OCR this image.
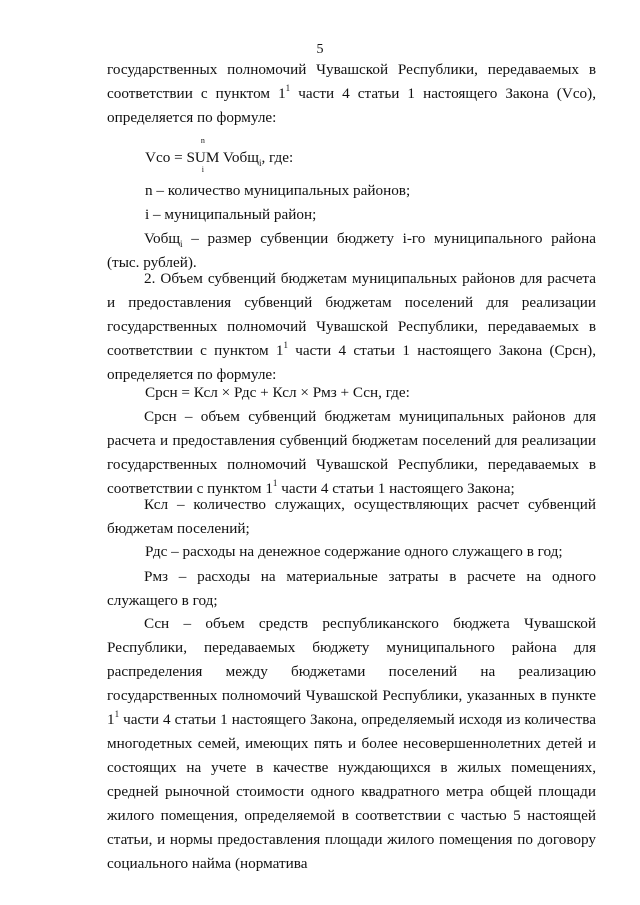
5
государственных полномочий Чувашской Республики, передаваемых в соответствии с пунктом $1^1$ части 4 статьи 1 настоящего Закона (Vco), определяется по формуле:
Vco =
n
SUM
i
Voбщ$_i$, где:
n – количество муниципальных районов;
i – муниципальный район;
Voбщ$_i$ – размер субвенции бюджету i-го муниципального района (тыс. рублей).
2. Объем субвенций бюджетам муниципальных районов для расчета и предоставления субвенций бюджетам поселений для реализации государственных полномочий Чувашской Республики, передаваемых в соответствии с пунктом $1^1$ части 4 статьи 1 настоящего Закона (Срсн), определяется по формуле:
Срсн = Ксл × Рдс + Ксл × Рмз + Ссн, где:
Срсн – объем субвенций бюджетам муниципальных районов для расчета и предоставления субвенций бюджетам поселений для реализации государственных полномочий Чувашской Республики, передаваемых в соответствии с пунктом $1^1$ части 4 статьи 1 настоящего Закона;
Ксл – количество служащих, осуществляющих расчет субвенций бюджетам поселений;
Рдс – расходы на денежное содержание одного служащего в год;
Рмз – расходы на материальные затраты в расчете на одного служащего в год;
Ссн – объем средств республиканского бюджета Чувашской Республики, передаваемых бюджету муниципального района для распределения между бюджетами поселений на реализацию государственных полномочий Чувашской Республики, указанных в пункте $1^1$ части 4 статьи 1 настоящего Закона, определяемый исходя из количества многодетных семей, имеющих пять и более несовершеннолетних детей и состоящих на учете в качестве нуждающихся в жилых помещениях, средней рыночной стоимости одного квадратного метра общей площади жилого помещения, определяемой в соответствии с частью 5 настоящей статьи, и нормы предоставления площади жилого помещения по договору социального найма (норматива
